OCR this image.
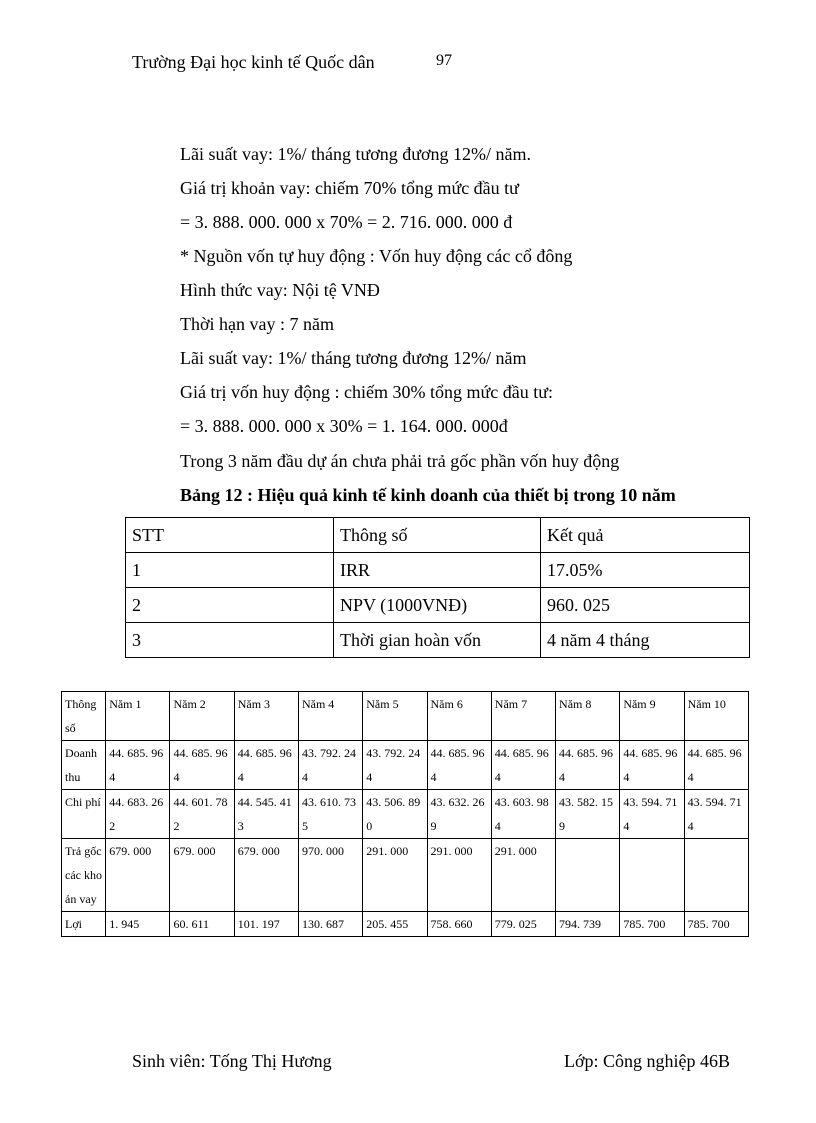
Trường Đại học kinh tế Quốc dân	97
Lãi suất vay: 1%/ tháng tương đương 12%/ năm.
Giá trị khoản vay: chiếm 70% tổng mức đầu tư
= 3. 888. 000. 000 x 70% = 2. 716. 000. 000 đ
* Nguồn vốn tự huy động : Vốn huy động các cổ đông
Hình thức vay: Nội tệ VNĐ
Thời hạn vay : 7 năm
Lãi suất vay: 1%/ tháng tương đương 12%/ năm
Giá trị vốn huy động : chiếm 30% tổng mức đầu tư:
= 3. 888. 000. 000 x 30% = 1. 164. 000. 000đ
Trong 3 năm đầu dự án chưa phải trả gốc phần vốn huy động
Bảng 12 : Hiệu quả kinh tế kinh doanh của thiết bị trong 10 năm
STT	Thông số	Kết quả
1	IRR	17.05%
2	NPV (1000VNĐ)	960. 025
3	Thời gian hoàn vốn	4 năm 4 tháng
Thông số	Năm 1	Năm 2	Năm 3	Năm 4	Năm 5	Năm 6	Năm 7	Năm 8	Năm 9	Năm 10
Doanh thu	44. 685. 964	44. 685. 964	44. 685. 964	43. 792. 244	43. 792. 244	44. 685. 964	44. 685. 964	44. 685. 964	44. 685. 964	44. 685. 964
Chi phí	44. 683. 262	44. 601. 782	44. 545. 413	43. 610. 735	43. 506. 890	43. 632. 269	43. 603. 984	43. 582. 159	43. 594. 714	43. 594. 714
Trả gốc các khoản vay	679. 000	679. 000	679. 000	970. 000	291. 000	291. 000	291. 000			
Lợi	1. 945	60. 611	101. 197	130. 687	205. 455	758. 660	779. 025	794. 739	785. 700	785. 700
Sinh viên: Tống Thị Hương	Lớp: Công nghiệp 46B
